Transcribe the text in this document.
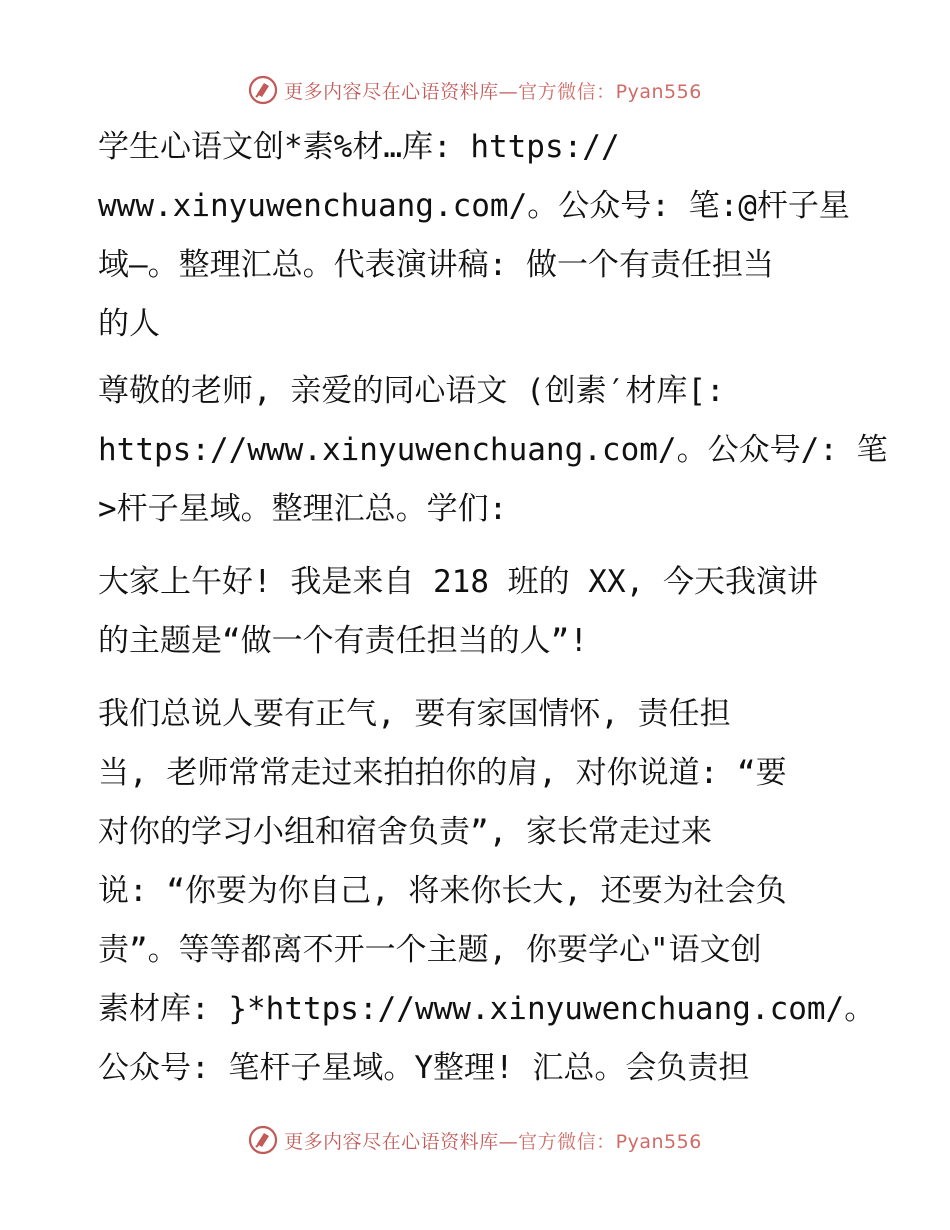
更多内容尽在心语资料库—官方微信：Pyan556

学生心语文创*素%材…库: https://
www.xinyuwenchuang.com/。公众号: 笔:@杆子星
域—。整理汇总。代表演讲稿: 做一个有责任担当
的人

尊敬的老师, 亲爱的同心语文 (创素′材库[:
https://www.xinyuwenchuang.com/。公众号/: 笔
>杆子星域。整理汇总。学们:

大家上午好! 我是来自 218 班的 XX, 今天我演讲
的主题是“做一个有责任担当的人”!

我们总说人要有正气, 要有家国情怀, 责任担
当, 老师常常走过来拍拍你的肩, 对你说道: “要
对你的学习小组和宿舍负责”, 家长常走过来
说: “你要为你自己, 将来你长大, 还要为社会负
责”。等等都离不开一个主题, 你要学心"语文创
素材库: }*https://www.xinyuwenchuang.com/。
公众号: 笔杆子星域。Y整理! 汇总。会负责担

更多内容尽在心语资料库—官方微信：Pyan556
